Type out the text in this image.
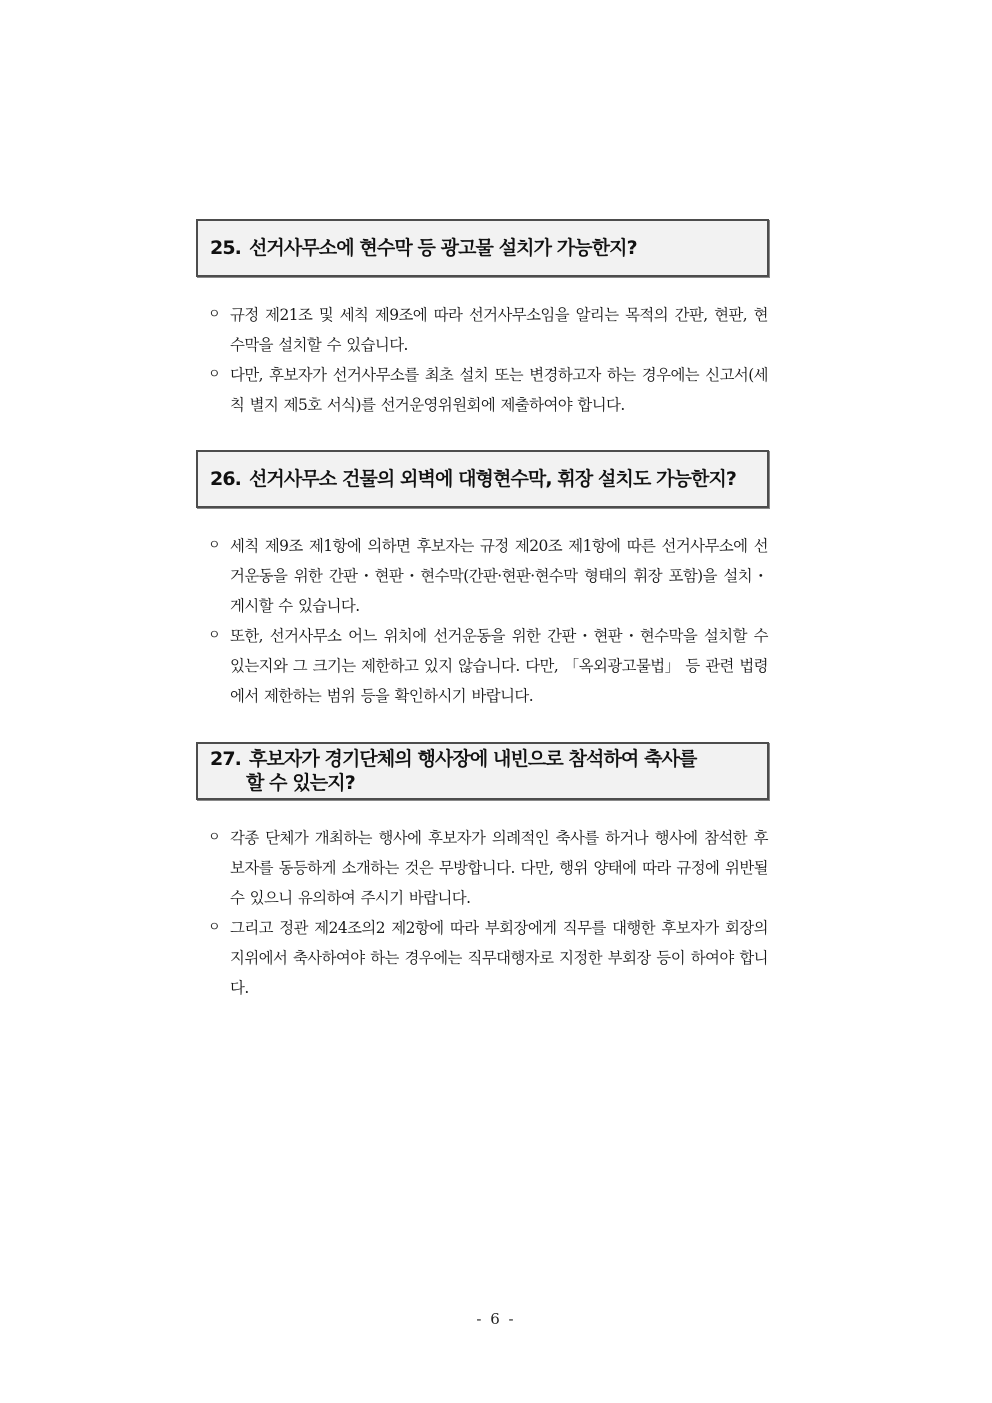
25. 선거사무소에 현수막 등 광고물 설치가 가능한지?
ㅇ 규정 제21조 및 세칙 제9조에 따라 선거사무소임을 알리는 목적의 간판, 현판, 현수막을 설치할 수 있습니다.
ㅇ 다만, 후보자가 선거사무소를 최초 설치 또는 변경하고자 하는 경우에는 신고서(세칙 별지 제5호 서식)를 선거운영위원회에 제출하여야 합니다.
26. 선거사무소 건물의 외벽에 대형현수막, 휘장 설치도 가능한지?
ㅇ 세칙 제9조 제1항에 의하면 후보자는 규정 제20조 제1항에 따른 선거사무소에 선거운동을 위한 간판・현판・현수막(간판·현판·현수막 형태의 휘장 포함)을 설치・게시할 수 있습니다.
ㅇ 또한, 선거사무소 어느 위치에 선거운동을 위한 간판・현판・현수막을 설치할 수 있는지와 그 크기는 제한하고 있지 않습니다. 다만, 「옥외광고물법」 등 관련 법령에서 제한하는 범위 등을 확인하시기 바랍니다.
27. 후보자가 경기단체의 행사장에 내빈으로 참석하여 축사를
할 수 있는지?
ㅇ 각종 단체가 개최하는 행사에 후보자가 의례적인 축사를 하거나 행사에 참석한 후보자를 동등하게 소개하는 것은 무방합니다. 다만, 행위 양태에 따라 규정에 위반될 수 있으니 유의하여 주시기 바랍니다.
ㅇ 그리고 정관 제24조의2 제2항에 따라 부회장에게 직무를 대행한 후보자가 회장의 지위에서 축사하여야 하는 경우에는 직무대행자로 지정한 부회장 등이 하여야 합니다.
- 6 -
